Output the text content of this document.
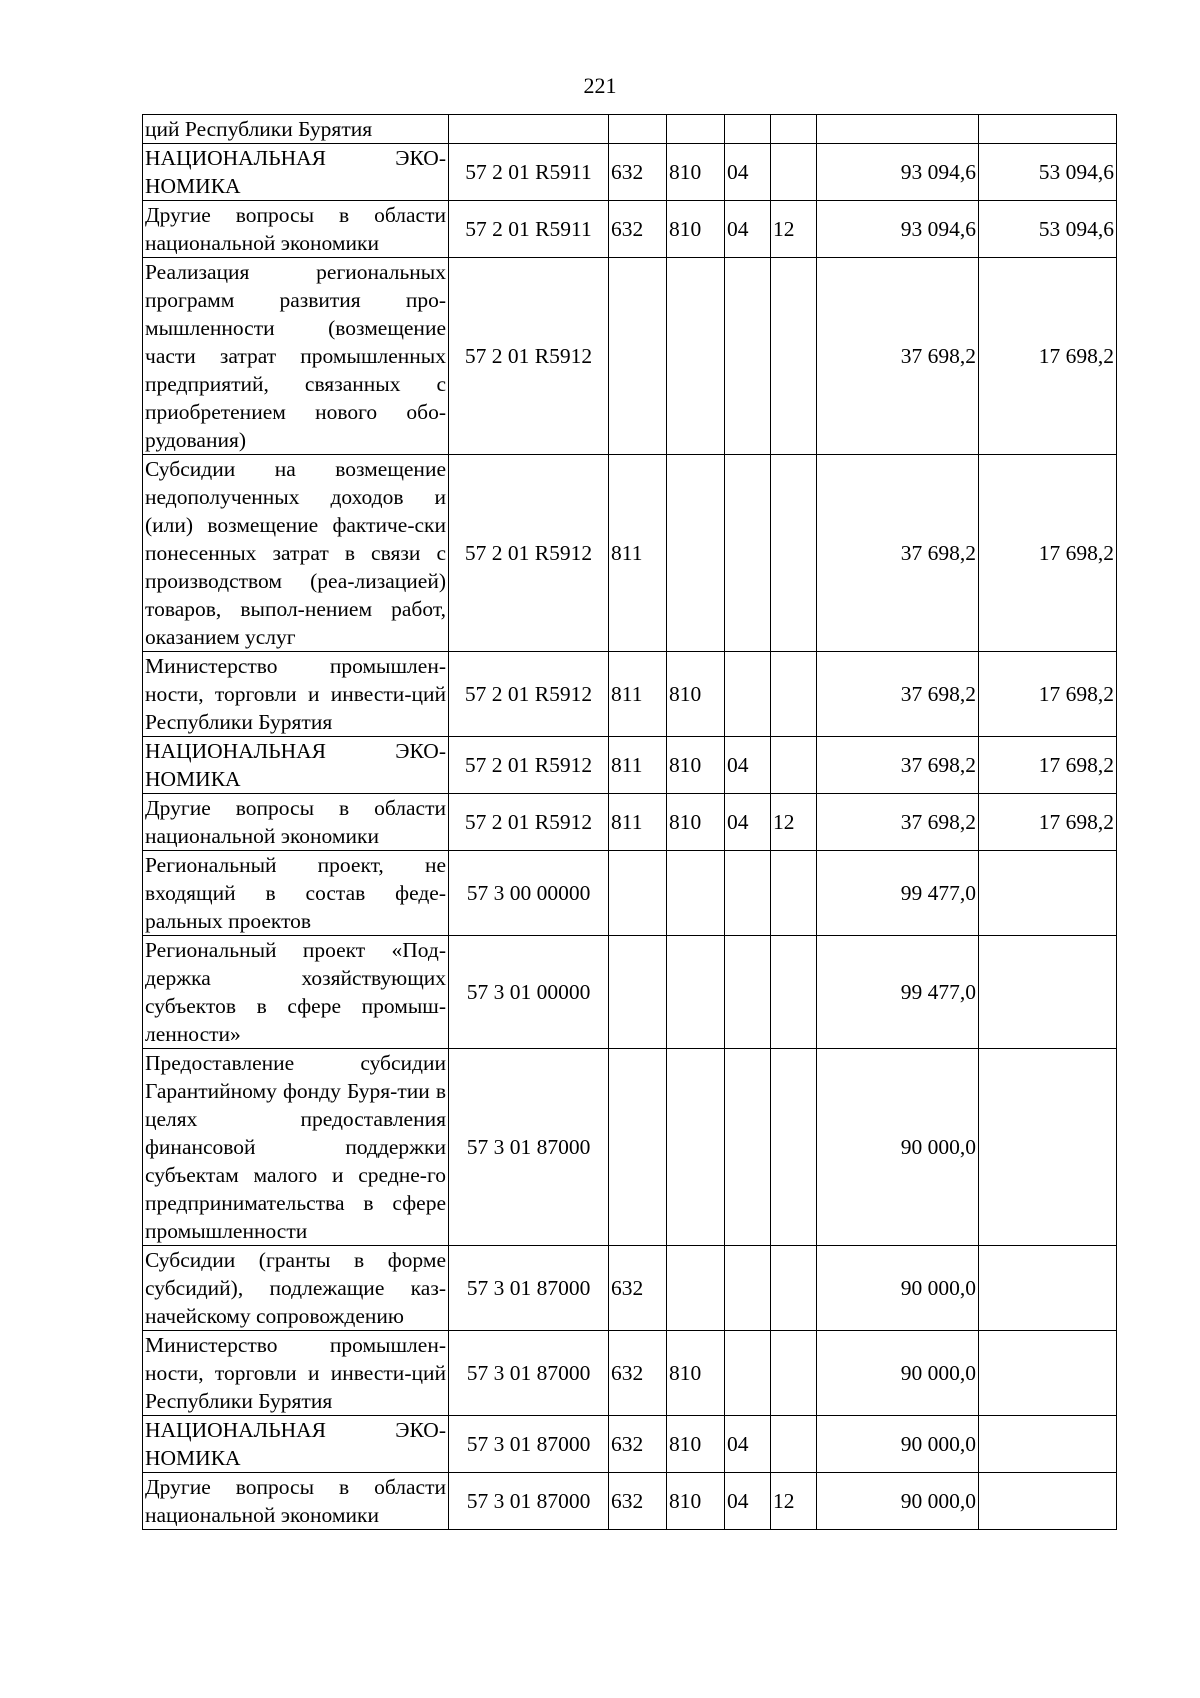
221
ций Республики Бурятия							
НАЦИОНАЛЬНАЯ ЭКО-НОМИКА	57 2 01 R5911	632	810	04		93 094,6	53 094,6
Другие вопросы в области национальной экономики	57 2 01 R5911	632	810	04	12	93 094,6	53 094,6
Реализация региональных программ развития про-мышленности (возмещение части затрат промышленных предприятий, связанных с приобретением нового обо-рудования)	57 2 01 R5912					37 698,2	17 698,2
Субсидии на возмещение недополученных доходов и (или) возмещение фактиче-ски понесенных затрат в связи с производством (реа-лизацией) товаров, выпол-нением работ, оказанием услуг	57 2 01 R5912	811				37 698,2	17 698,2
Министерство промышлен-ности, торговли и инвести-ций Республики Бурятия	57 2 01 R5912	811	810			37 698,2	17 698,2
НАЦИОНАЛЬНАЯ ЭКО-НОМИКА	57 2 01 R5912	811	810	04		37 698,2	17 698,2
Другие вопросы в области национальной экономики	57 2 01 R5912	811	810	04	12	37 698,2	17 698,2
Региональный проект, не входящий в состав феде-ральных проектов	57 3 00 00000					99 477,0	
Региональный проект «Под-держка хозяйствующих субъектов в сфере промыш-ленности»	57 3 01 00000					99 477,0	
Предоставление субсидии Гарантийному фонду Буря-тии в целях предоставления финансовой поддержки субъектам малого и средне-го предпринимательства в сфере промышленности	57 3 01 87000					90 000,0	
Субсидии (гранты в форме субсидий), подлежащие каз-начейскому сопровождению	57 3 01 87000	632				90 000,0	
Министерство промышлен-ности, торговли и инвести-ций Республики Бурятия	57 3 01 87000	632	810			90 000,0	
НАЦИОНАЛЬНАЯ ЭКО-НОМИКА	57 3 01 87000	632	810	04		90 000,0	
Другие вопросы в области национальной экономики	57 3 01 87000	632	810	04	12	90 000,0	
